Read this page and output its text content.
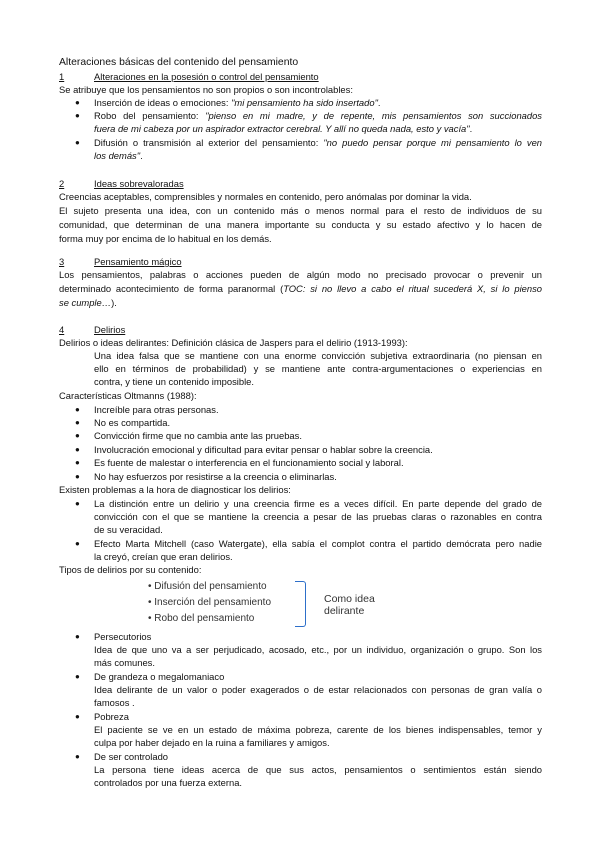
Alteraciones básicas del contenido del pensamiento
1	Alteraciones en la posesión o control del pensamiento
Se atribuye que los pensamientos no son propios o son incontrolables:
● Inserción de ideas o emociones: "mi pensamiento ha sido insertado".
● Robo del pensamiento: "pienso en mi madre, y de repente, mis pensamientos son succionados
fuera de mi cabeza por un aspirador extractor cerebral. Y allí no queda nada, esto y vacía".
● Difusión o transmisión al exterior del pensamiento: "no puedo pensar porque mi pensamiento lo ven
los demás".
2	Ideas sobrevaloradas
Creencias aceptables, comprensibles y normales en contenido, pero anómalas por dominar la vida.
El sujeto presenta una idea, con un contenido más o menos normal para el resto de individuos de su
comunidad, que determinan de una manera importante su conducta y su estado afectivo y lo hacen de
forma muy por encima de lo habitual en los demás.
3	Pensamiento mágico
Los pensamientos, palabras o acciones pueden de algún modo no precisado provocar o prevenir un
determinado acontecimiento de forma paranormal (TOC: si no llevo a cabo el ritual sucederá X, si lo pienso
se cumple…).
4	Delirios
Delirios o ideas delirantes: Definición clásica de Jaspers para el delirio (1913-1993):
Una idea falsa que se mantiene con una enorme convicción subjetiva extraordinaria (no piensan en
ello en términos de probabilidad) y se mantiene ante contra-argumentaciones o experiencias en
contra, y tiene un contenido imposible.
Características Oltmanns (1988):
● Increíble para otras personas.
● No es compartida.
● Convicción firme que no cambia ante las pruebas.
● Involucración emocional y dificultad para evitar pensar o hablar sobre la creencia.
● Es fuente de malestar o interferencia en el funcionamiento social y laboral.
● No hay esfuerzos por resistirse a la creencia o eliminarlas.
Existen problemas a la hora de diagnosticar los delirios:
● La distinción entre un delirio y una creencia firme es a veces difícil. En parte depende del grado de
convicción con el que se mantiene la creencia a pesar de las pruebas claras o razonables en contra
de su veracidad.
● Efecto Marta Mitchell (caso Watergate), ella sabía el complot contra el partido demócrata pero nadie
la creyó, creían que eran delirios.
Tipos de delirios por su contenido:
• Difusión del pensamiento
• Inserción del pensamiento
• Robo del pensamiento
Como idea
delirante
● Persecutorios
Idea de que uno va a ser perjudicado, acosado, etc., por un individuo, organización o grupo. Son los
más comunes.
● De grandeza o megalomaniaco
Idea delirante de un valor o poder exagerados o de estar relacionados con personas de gran valía o
famosos .
● Pobreza
El paciente se ve en un estado de máxima pobreza, carente de los bienes indispensables, temor y
culpa por haber dejado en la ruina a familiares y amigos.
● De ser controlado
La persona tiene ideas acerca de que sus actos, pensamientos o sentimientos están siendo
controlados por una fuerza externa.
